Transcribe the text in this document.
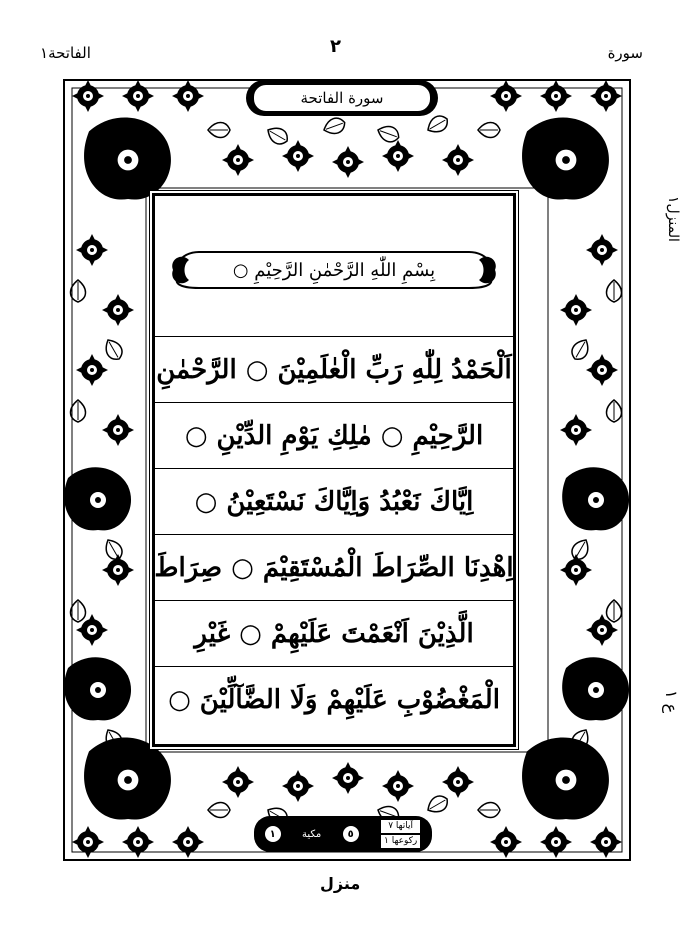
الفاتحة١	٢	سورة
المنزل١
ع ١
سورة الفاتحة
بِسْمِ اللّٰهِ الرَّحْمٰنِ الرَّحِيْمِ ○
اَلْحَمْدُ لِلّٰهِ رَبِّ الْعٰلَمِيْنَ ○ الرَّحْمٰنِ
الرَّحِيْمِ ○ مٰلِكِ يَوْمِ الدِّيْنِ ○
اِيَّاكَ نَعْبُدُ وَاِيَّاكَ نَسْتَعِيْنُ ○
اِهْدِنَا الصِّرَاطَ الْمُسْتَقِيْمَ ○ صِرَاطَ
الَّذِيْنَ اَنْعَمْتَ عَلَيْهِمْ ○ غَيْرِ
الْمَغْضُوْبِ عَلَيْهِمْ وَلَا الضَّآلِّيْنَ ○
١	مكية	٥
آياتها ٧
ركوعها ١
منزل
